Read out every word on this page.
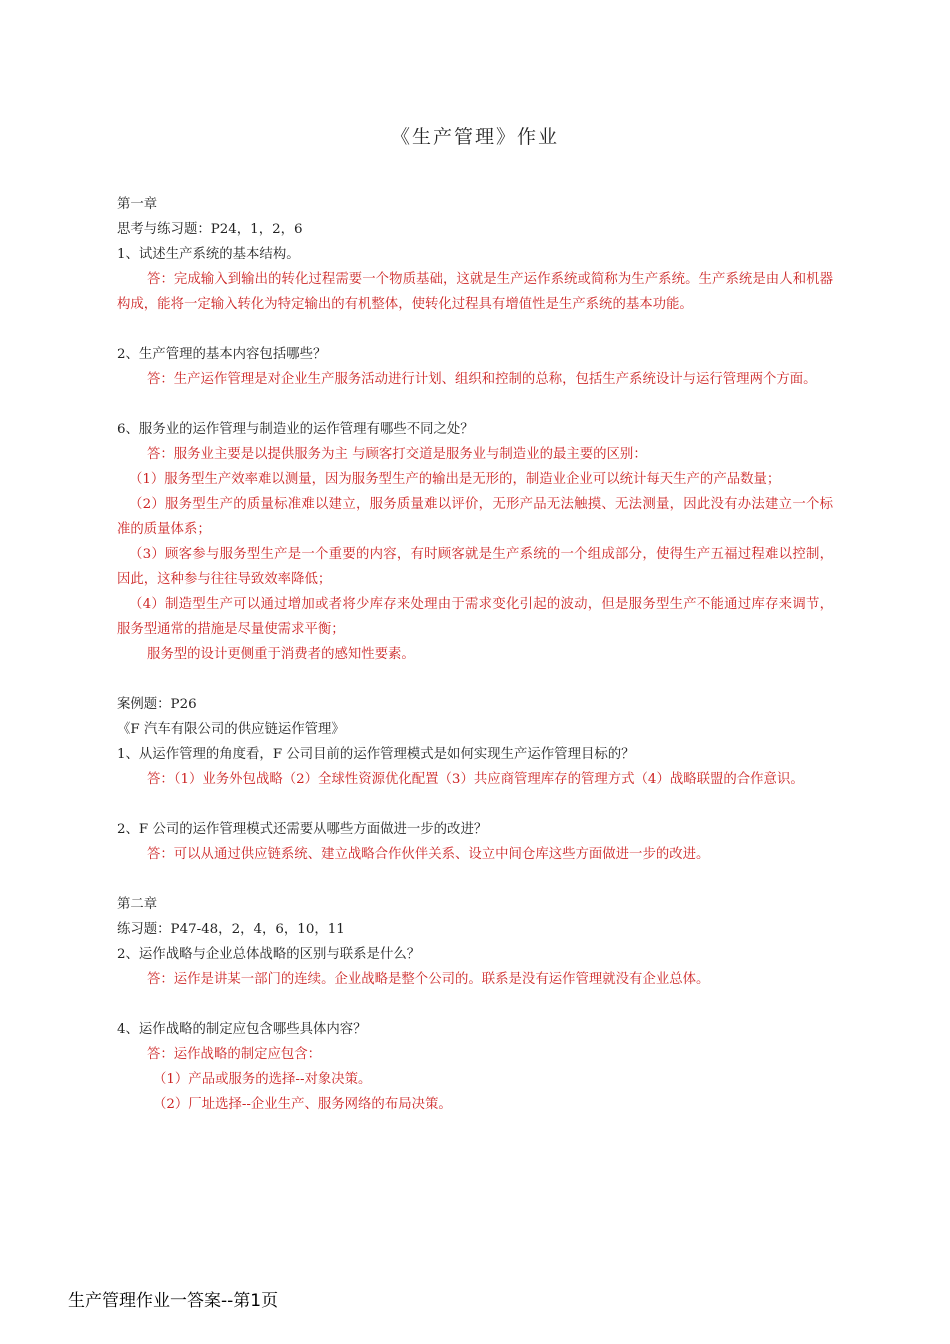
《生产管理》作业
第一章
思考与练习题：P24，1，2，6
1、试述生产系统的基本结构。
答：完成输入到输出的转化过程需要一个物质基础，这就是生产运作系统或简称为生产系统。生产系统是由人和机器构成，能将一定输入转化为特定输出的有机整体，使转化过程具有增值性是生产系统的基本功能。
2、生产管理的基本内容包括哪些？
答：生产运作管理是对企业生产服务活动进行计划、组织和控制的总称，包括生产系统设计与运行管理两个方面。
6、服务业的运作管理与制造业的运作管理有哪些不同之处？
答：服务业主要是以提供服务为主 与顾客打交道是服务业与制造业的最主要的区别：
（1）服务型生产效率难以测量，因为服务型生产的输出是无形的，制造业企业可以统计每天生产的产品数量；
（2）服务型生产的质量标准难以建立，服务质量难以评价，无形产品无法触摸、无法测量，因此没有办法建立一个标准的质量体系；
（3）顾客参与服务型生产是一个重要的内容，有时顾客就是生产系统的一个组成部分，使得生产五福过程难以控制，因此，这种参与往往导致效率降低；
（4）制造型生产可以通过增加或者将少库存来处理由于需求变化引起的波动，但是服务型生产不能通过库存来调节，服务型通常的措施是尽量使需求平衡；
服务型的设计更侧重于消费者的感知性要素。
案例题：P26
《F 汽车有限公司的供应链运作管理》
1、从运作管理的角度看，F 公司目前的运作管理模式是如何实现生产运作管理目标的？
答：（1）业务外包战略（2）全球性资源优化配置（3）共应商管理库存的管理方式（4）战略联盟的合作意识。
2、F 公司的运作管理模式还需要从哪些方面做进一步的改进？
答：可以从通过供应链系统、建立战略合作伙伴关系、设立中间仓库这些方面做进一步的改进。
第二章
练习题：P47-48，2，4，6，10，11
2、运作战略与企业总体战略的区别与联系是什么？
答：运作是讲某一部门的连续。企业战略是整个公司的。联系是没有运作管理就没有企业总体。
4、运作战略的制定应包含哪些具体内容？
答：运作战略的制定应包含：
（1）产品或服务的选择--对象决策。
（2）厂址选择--企业生产、服务网络的布局决策。
生产管理作业一答案--第1页
